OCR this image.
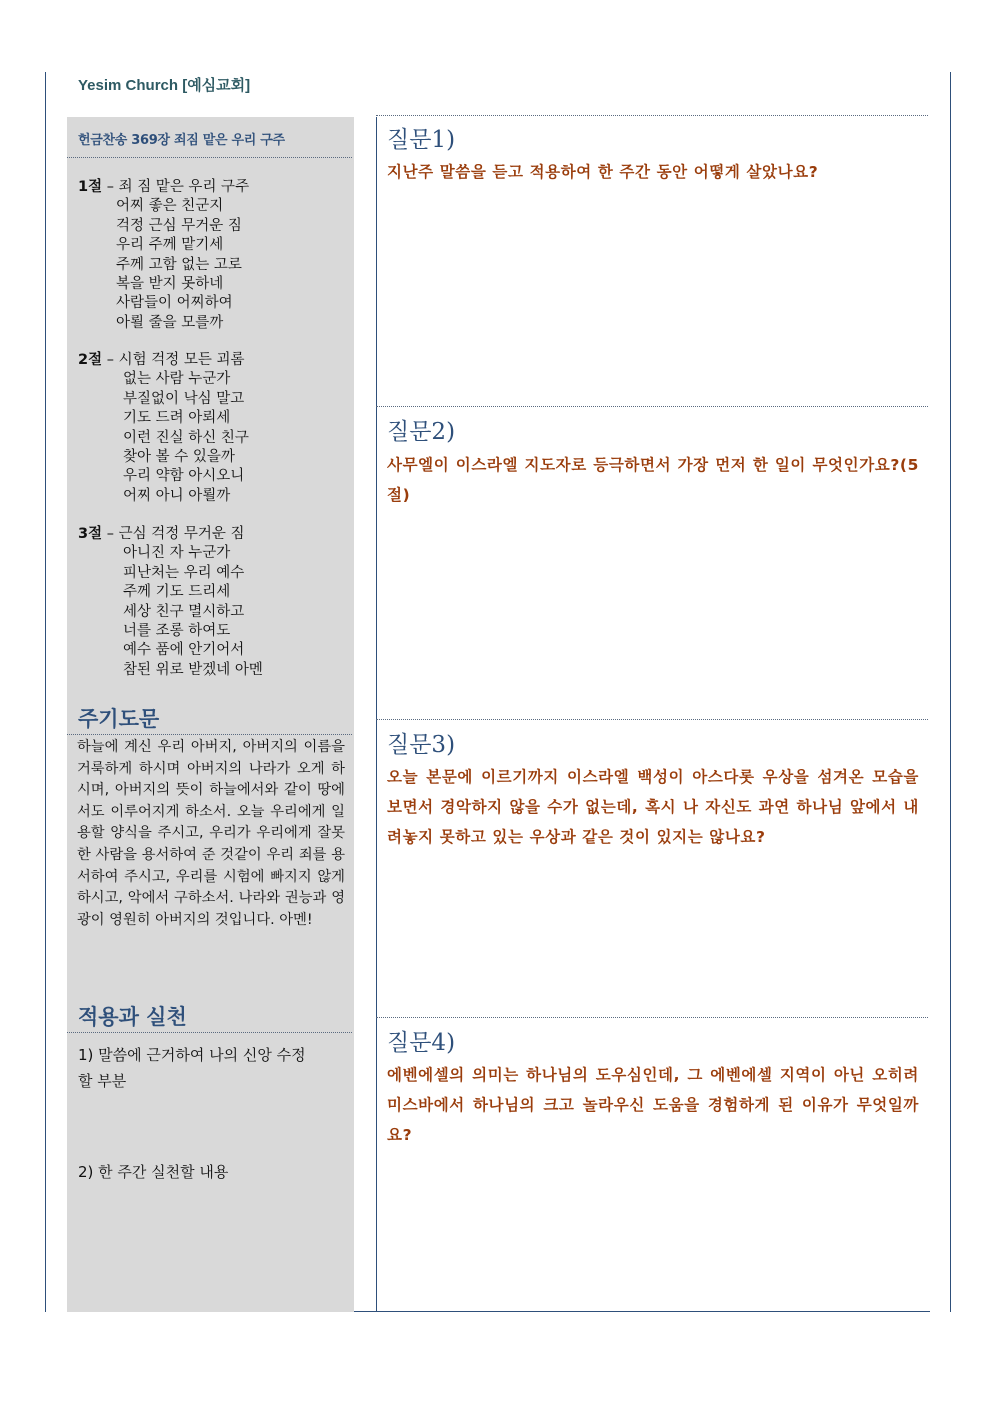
Yesim Church [예심교회]
헌금찬송 369장 죄짐 맡은 우리 구주
1절 – 죄 짐 맡은 우리 구주
어찌 좋은 친군지
걱정 근심 무거운 짐
우리 주께 맡기세
주께 고함 없는 고로
복을 받지 못하네
사람들이 어찌하여
아뢸 줄을 모를까
2절 – 시험 걱정 모든 괴롬
없는 사람 누군가
부질없이 낙심 말고
기도 드려 아뢰세
이런 진실 하신 친구
찾아 볼 수 있을까
우리 약함 아시오니
어찌 아니 아뢸까
3절 – 근심 걱정 무거운 짐
아니진 자 누군가
피난처는 우리 예수
주께 기도 드리세
세상 친구 멸시하고
너를 조롱 하여도
예수 품에 안기어서
참된 위로 받겠네 아멘
주기도문
하늘에 계신 우리 아버지, 아버지의 이름을 거룩하게 하시며 아버지의 나라가 오게 하시며, 아버지의 뜻이 하늘에서와 같이 땅에서도 이루어지게 하소서. 오늘 우리에게 일용할 양식을 주시고, 우리가 우리에게 잘못한 사람을 용서하여 준 것같이 우리 죄를 용서하여 주시고, 우리를 시험에 빠지지 않게 하시고, 악에서 구하소서. 나라와 권능과 영광이 영원히 아버지의 것입니다. 아멘!
적용과 실천
1) 말씀에 근거하여 나의 신앙 수정할 부분
2) 한 주간 실천할 내용
질문1)
지난주 말씀을 듣고 적용하여 한 주간 동안 어떻게 살았나요?
질문2)
사무엘이 이스라엘 지도자로 등극하면서 가장 먼저 한 일이 무엇인가요?(5절)
질문3)
오늘 본문에 이르기까지 이스라엘 백성이 아스다롯 우상을 섬겨온 모습을 보면서 경악하지 않을 수가 없는데, 혹시 나 자신도 과연 하나님 앞에서 내려놓지 못하고 있는 우상과 같은 것이 있지는 않나요?
질문4)
에벤에셀의 의미는 하나님의 도우심인데, 그 에벤에셀 지역이 아닌 오히려 미스바에서 하나님의 크고 놀라우신 도움을 경험하게 된 이유가 무엇일까요?
